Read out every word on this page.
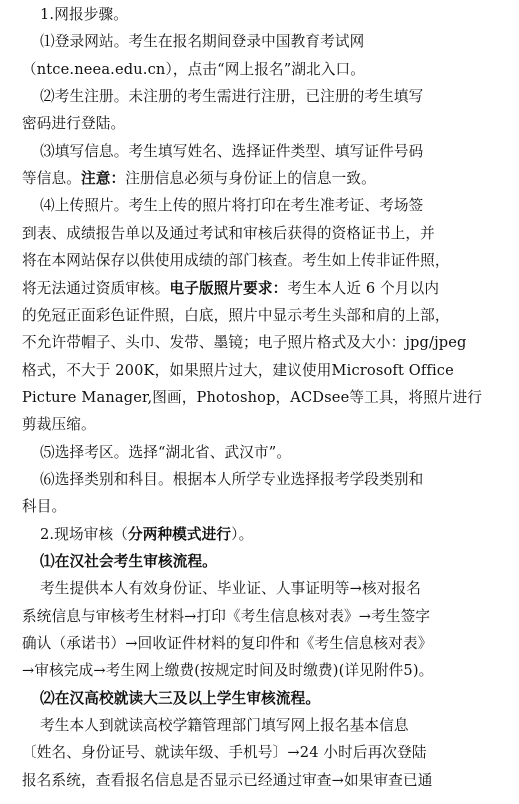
1.网报步骤。
⑴登录网站。考生在报名期间登录中国教育考试网
（ntce.neea.edu.cn），点击“网上报名”湖北入口。
⑵考生注册。未注册的考生需进行注册，已注册的考生填写
密码进行登陆。
⑶填写信息。考生填写姓名、选择证件类型、填写证件号码
等信息。注意：注册信息必须与身份证上的信息一致。
⑷上传照片。考生上传的照片将打印在考生准考证、考场签
到表、成绩报告单以及通过考试和审核后获得的资格证书上，并
将在本网站保存以供使用成绩的部门核查。考生如上传非证件照，
将无法通过资质审核。电子版照片要求：考生本人近 6 个月以内
的免冠正面彩色证件照，白底，照片中显示考生头部和肩的上部，
不允许带帽子、头巾、发带、墨镜；电子照片格式及大小：jpg/jpeg
格式，不大于 200K，如果照片过大，建议使用Microsoft Office
Picture Manager,图画，Photoshop，ACDsee等工具，将照片进行
剪裁压缩。
⑸选择考区。选择“湖北省、武汉市”。
⑹选择类别和科目。根据本人所学专业选择报考学段类别和
科目。
2.现场审核（分两种模式进行）。
⑴在汉社会考生审核流程。
考生提供本人有效身份证、毕业证、人事证明等→核对报名
系统信息与审核考生材料→打印《考生信息核对表》→考生签字
确认（承诺书）→回收证件材料的复印件和《考生信息核对表》
→审核完成→考生网上缴费(按规定时间及时缴费)(详见附件5)。
⑵在汉高校就读大三及以上学生审核流程。
考生本人到就读高校学籍管理部门填写网上报名基本信息
〔姓名、身份证号、就读年级、手机号〕→24 小时后再次登陆
报名系统，查看报名信息是否显示已经通过审查→如果审查已通
